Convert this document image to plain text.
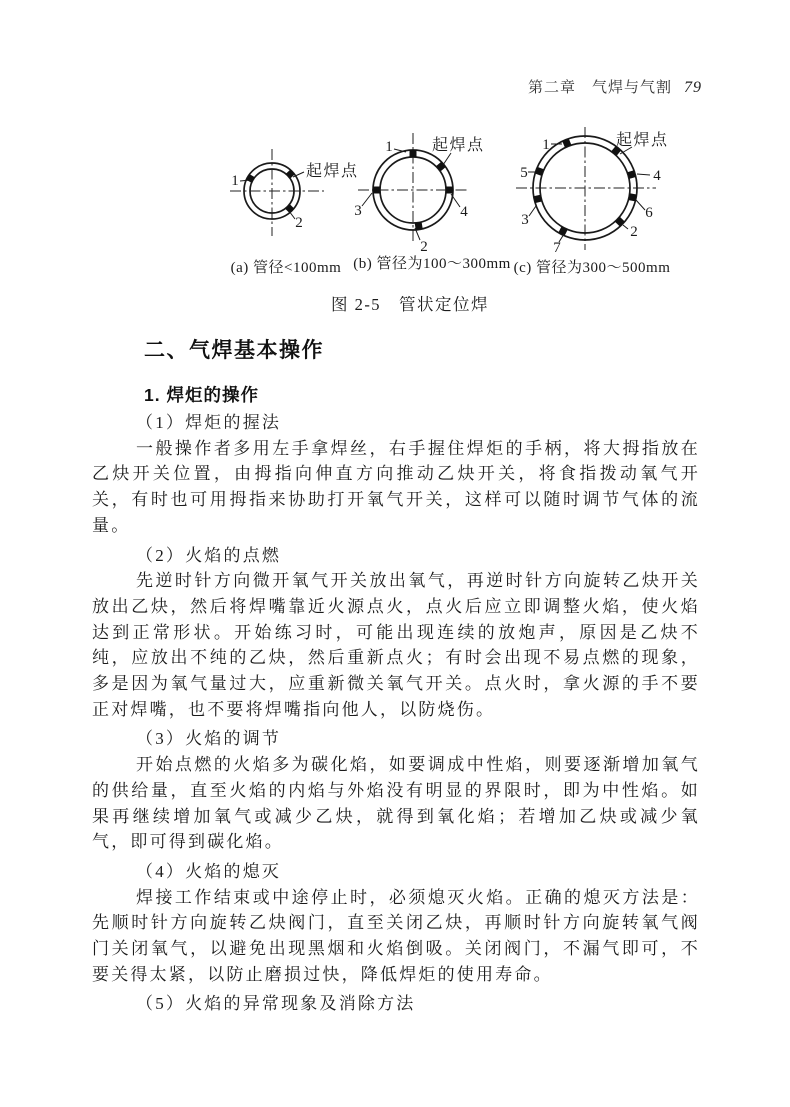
第二章 气焊与气割 79
1
起焊点
2
1 起焊点
3	4
2
1	起焊点
5	4
3	6
7
2
(a) 管径<100mm (b) 管径为100～300mm (c) 管径为300～500mm
图 2-5　管状定位焊
二、气焊基本操作
1. 焊炬的操作

（1）焊炬的握法

一般操作者多用左手拿焊丝，右手握住焊炬的手柄，将大拇指放在乙炔开关位置，由拇指向伸直方向推动乙炔开关，将食指拨动氧气开关，有时也可用拇指来协助打开氧气开关，这样可以随时调节气体的流量。

（2）火焰的点燃

先逆时针方向微开氧气开关放出氧气，再逆时针方向旋转乙炔开关放出乙炔，然后将焊嘴靠近火源点火，点火后应立即调整火焰，使火焰达到正常形状。开始练习时，可能出现连续的放炮声，原因是乙炔不纯，应放出不纯的乙炔，然后重新点火；有时会出现不易点燃的现象，多是因为氧气量过大，应重新微关氧气开关。点火时，拿火源的手不要正对焊嘴，也不要将焊嘴指向他人，以防烧伤。

（3）火焰的调节

开始点燃的火焰多为碳化焰，如要调成中性焰，则要逐渐增加氧气的供给量，直至火焰的内焰与外焰没有明显的界限时，即为中性焰。如果再继续增加氧气或减少乙炔，就得到氧化焰；若增加乙炔或减少氧气，即可得到碳化焰。

（4）火焰的熄灭

焊接工作结束或中途停止时，必须熄灭火焰。正确的熄灭方法是：先顺时针方向旋转乙炔阀门，直至关闭乙炔，再顺时针方向旋转氧气阀门关闭氧气，以避免出现黑烟和火焰倒吸。关闭阀门，不漏气即可，不要关得太紧，以防止磨损过快，降低焊炬的使用寿命。

（5）火焰的异常现象及消除方法
